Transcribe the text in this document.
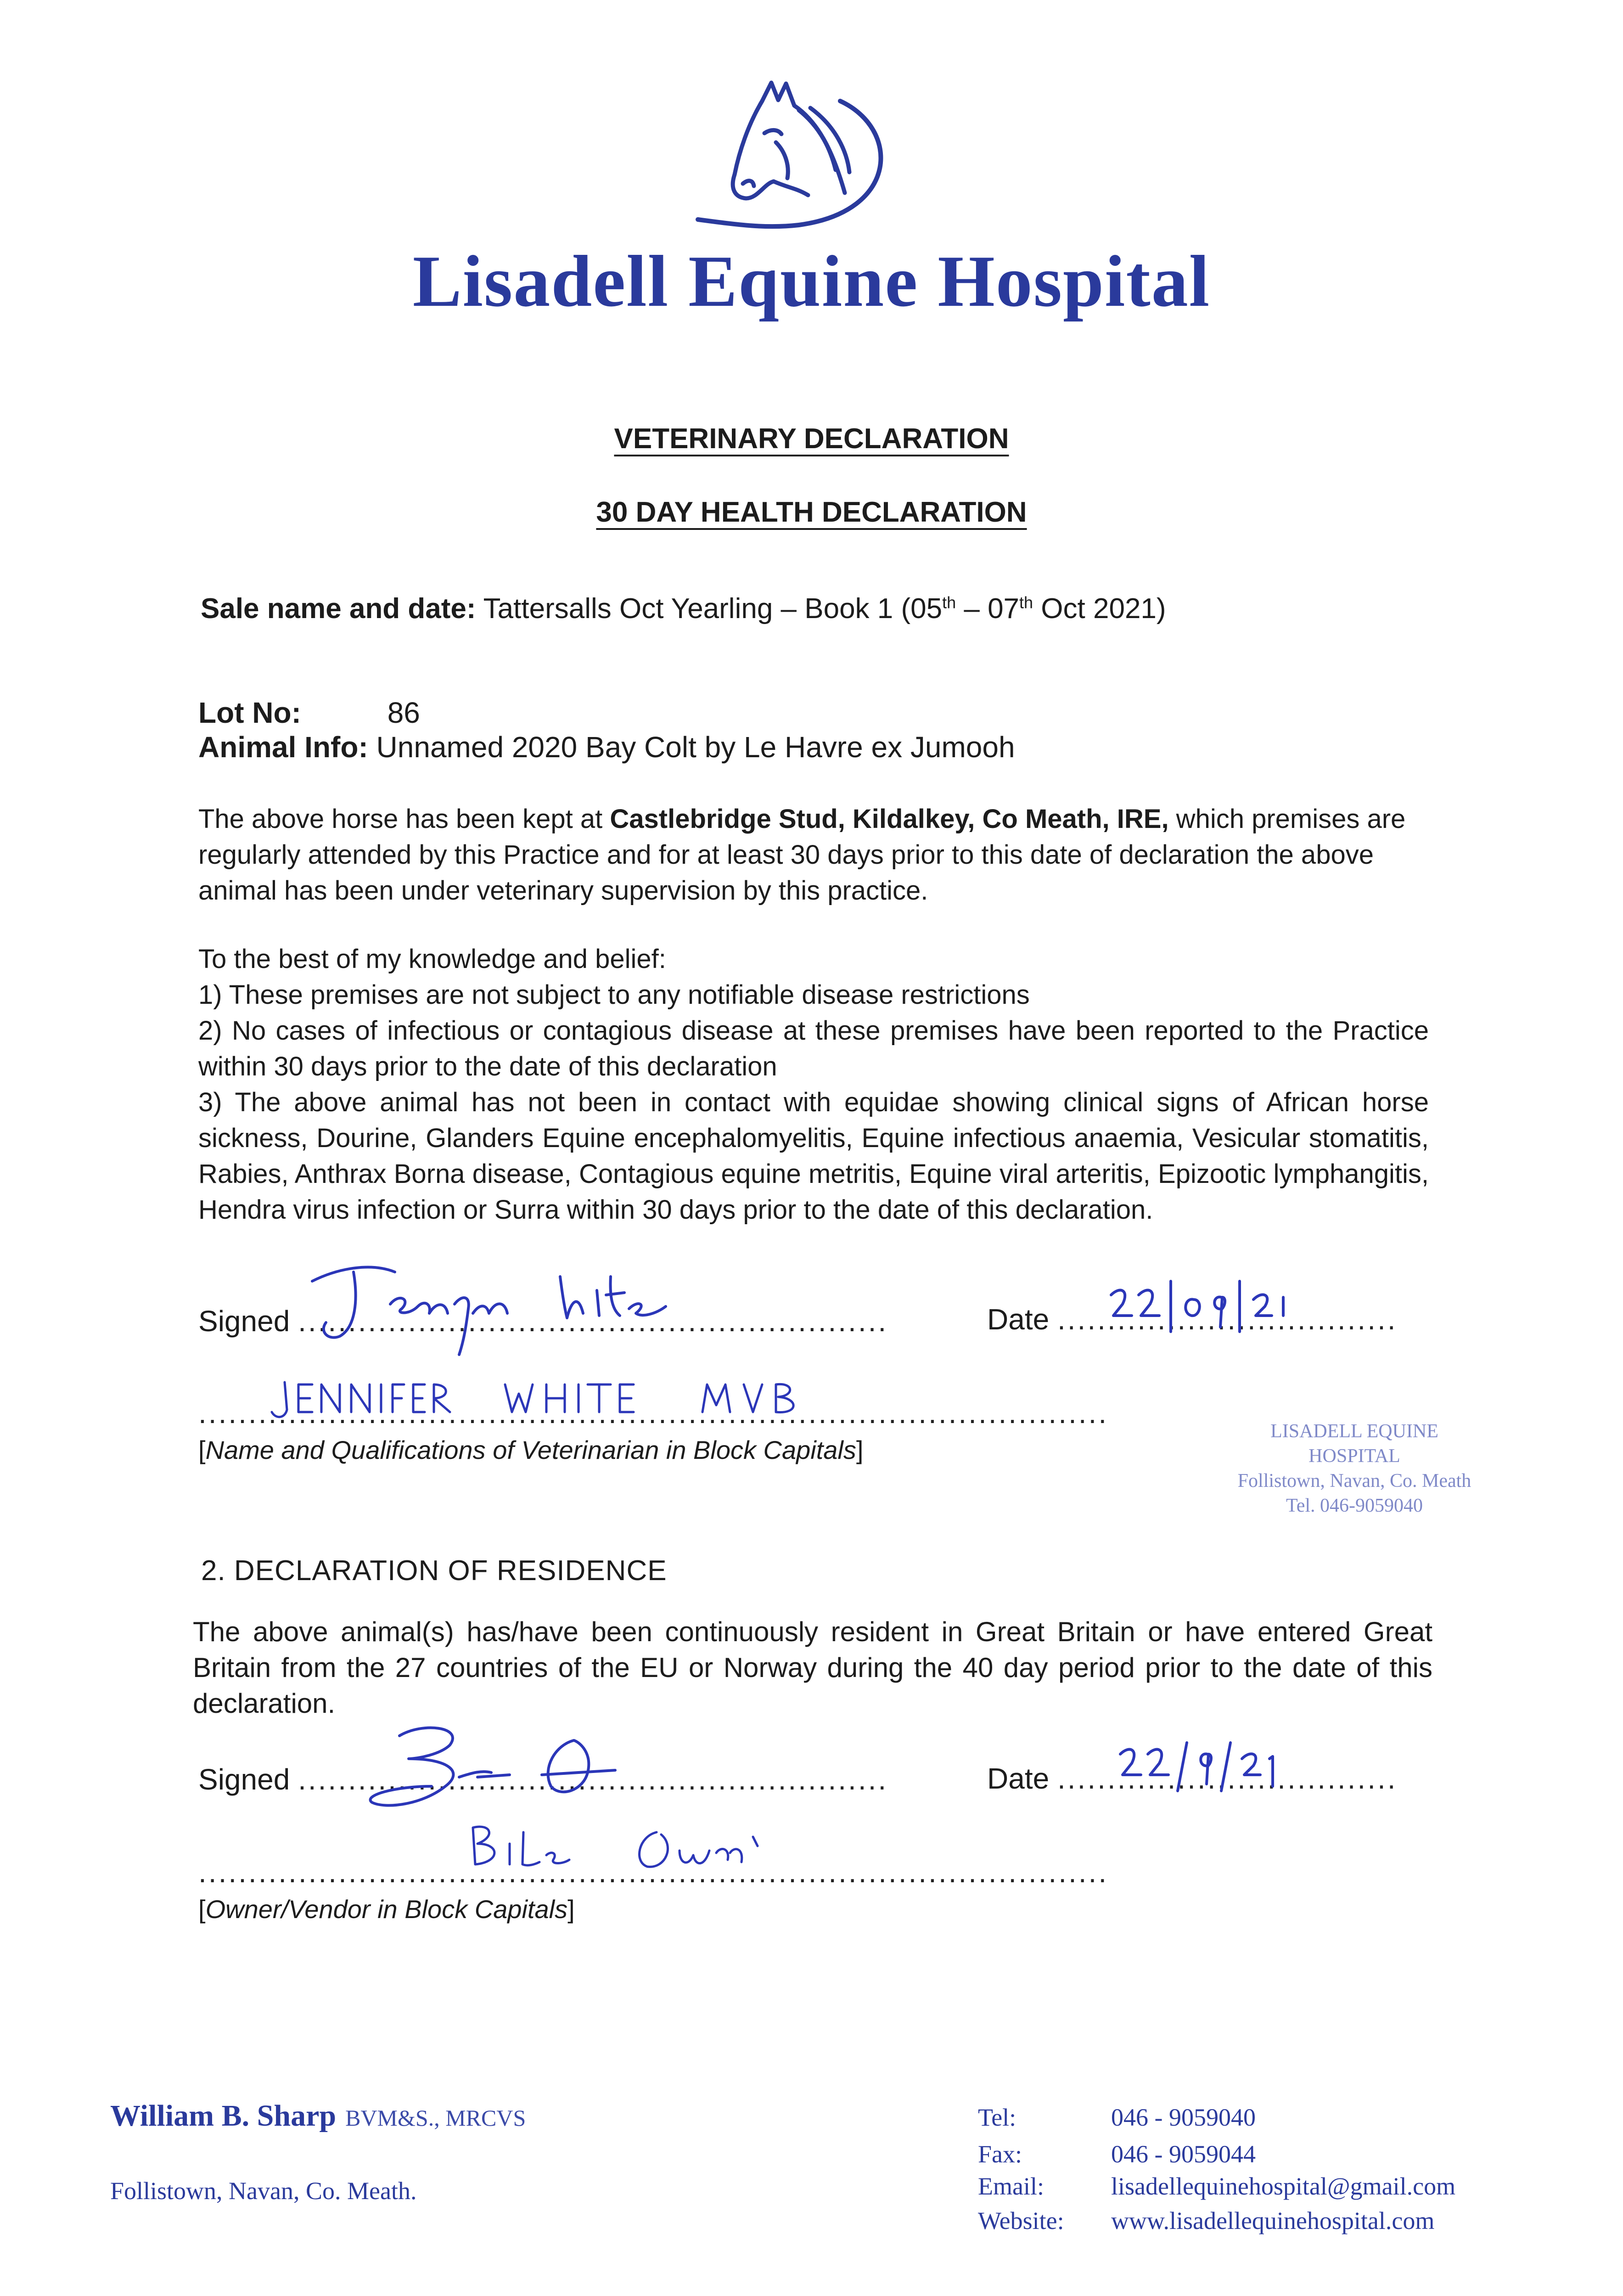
Lisadell Equine Hospital
VETERINARY DECLARATION
30 DAY HEALTH DECLARATION
Sale name and date: Tattersalls Oct Yearling – Book 1 (05th – 07th Oct 2021)
Lot No:	86
Animal Info: Unnamed 2020 Bay Colt by Le Havre ex Jumooh
The above horse has been kept at Castlebridge Stud, Kildalkey, Co Meath, IRE, which premises are regularly attended by this Practice and for at least 30 days prior to this date of declaration the above animal has been under veterinary supervision by this practice.
To the best of my knowledge and belief:
1) These premises are not subject to any notifiable disease restrictions
2) No cases of infectious or contagious disease at these premises have been reported to the Practice within 30 days prior to the date of this declaration
3) The above animal has not been in contact with equidae showing clinical signs of African horse sickness, Dourine, Glanders Equine encephalomyelitis, Equine infectious anaemia, Vesicular stomatitis, Rabies, Anthrax Borna disease, Contagious equine metritis, Equine viral arteritis, Epizootic lymphangitis, Hendra virus infection or Surra within 30 days prior to the date of this declaration.
Signed ...........................................................	Date ..................................
...........................................................................................
[Name and Qualifications of Veterinarian in Block Capitals]
LISADELL EQUINE
HOSPITAL
Follistown, Navan, Co. Meath
Tel. 046-9059040
2. DECLARATION OF RESIDENCE
The above animal(s) has/have been continuously resident in Great Britain or have entered Great Britain from the 27 countries of the EU or Norway during the 40 day period prior to the date of this declaration.
Signed ...........................................................	Date ..................................
...........................................................................................
[Owner/Vendor in Block Capitals]
William B. Sharp BVM&S., MRCVS
Follistown, Navan, Co. Meath.
Tel:	046 - 9059040
Fax:	046 - 9059044
Email:	lisadellequinehospital@gmail.com
Website: www.lisadellequinehospital.com
